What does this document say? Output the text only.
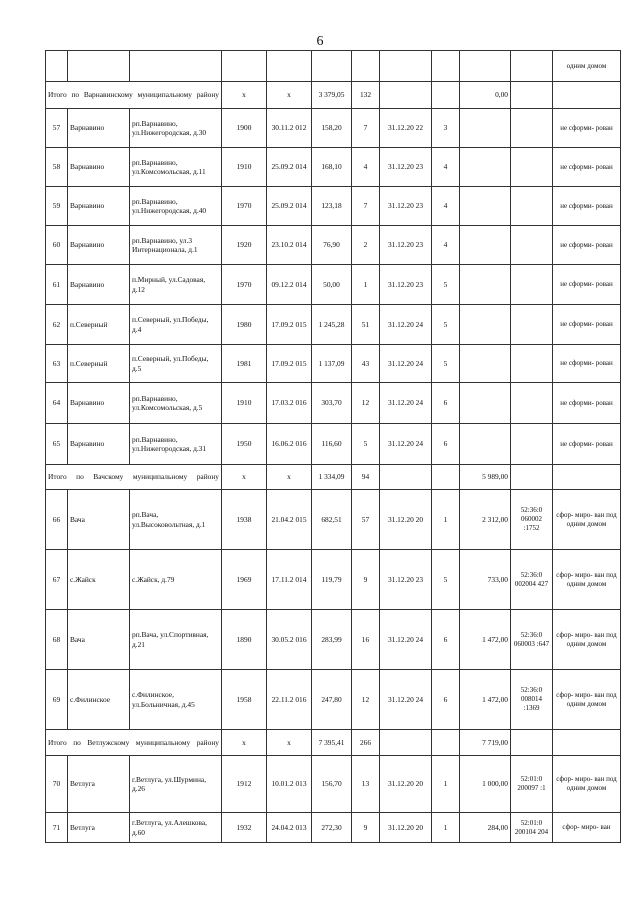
6
											одним домом
Итого по Варнавинскому муниципальному району			x	x	3 379,05	132			0,00		
57	Варнавино	рп.Варнавино, ул.Нижегородская, д.30	1900	30.11.2 012	158,20	7	31.12.20 22	3			не сформи- рован
58	Варнавино	рп.Варнавино, ул.Комсомольская, д.11	1910	25.09.2 014	168,10	4	31.12.20 23	4			не сформи- рован
59	Варнавино	рп.Варнавино, ул.Нижегородская, д.40	1970	25.09.2 014	123,18	7	31.12.20 23	4			не сформи- рован
60	Варнавино	рп.Варнавино, ул.3 Интернационала, д.1	1920	23.10.2 014	76,90	2	31.12.20 23	4			не сформи- рован
61	Варнавино	п.Мирный, ул.Садовая, д.12	1970	09.12.2 014	50,00	1	31.12.20 23	5			не сформи- рован
62	п.Северный	п.Северный, ул.Победы, д.4	1980	17.09.2 015	1 245,28	51	31.12.20 24	5			не сформи- рован
63	п.Северный	п.Северный, ул.Победы, д.5	1981	17.09.2 015	1 137,09	43	31.12.20 24	5			не сформи- рован
64	Варнавино	рп.Варнавино, ул.Комсомольская, д.5	1910	17.03.2 016	303,70	12	31.12.20 24	6			не сформи- рован
65	Варнавино	рп.Варнавино, ул.Нижегородская, д.31	1950	16.06.2 016	116,60	5	31.12.20 24	6			не сформи- рован
Итого по Вачскому муниципальному району			x	x	1 334,09	94			5 989,00		
66	Вача	рп.Вача, ул.Высоковольтная, д.1	1938	21.04.2 015	682,51	57	31.12.20 20	1	2 312,00	52:36:0 060002 :1752	сфор- миро- ван под одним домом
67	с.Жайск	с.Жайск, д.79	1969	17.11.2 014	119,79	9	31.12.20 23	5	733,00	52:36:0 002004 427	сфор- миро- ван под одним домом
68	Вача	рп.Вача, ул.Спортивная, д.21	1890	30.05.2 016	283,99	16	31.12.20 24	6	1 472,00	52:36:0 060003 :647	сфор- миро- ван под одним домом
69	с.Филинское	с.Филинское, ул.Больничная, д.45	1958	22.11.2 016	247,80	12	31.12.20 24	6	1 472,00	52:36:0 008014 :1369	сфор- миро- ван под одним домом
Итого по Ветлужскому муниципальному району			x	x	7 395,41	266			7 719,00		
70	Ветлуга	г.Ветлуга, ул.Шурмина, д.26	1912	10.01.2 013	156,70	13	31.12.20 20	1	1 000,00	52:01:0 200097 :1	сфор- миро- ван под одним домом
71	Ветлуга	г.Ветлуга, ул.Алешкова, д.60	1932	24.04.2 013	272,30	9	31.12.20 20	1	284,00	52:01:0 200104 204	сфор- миро- ван
